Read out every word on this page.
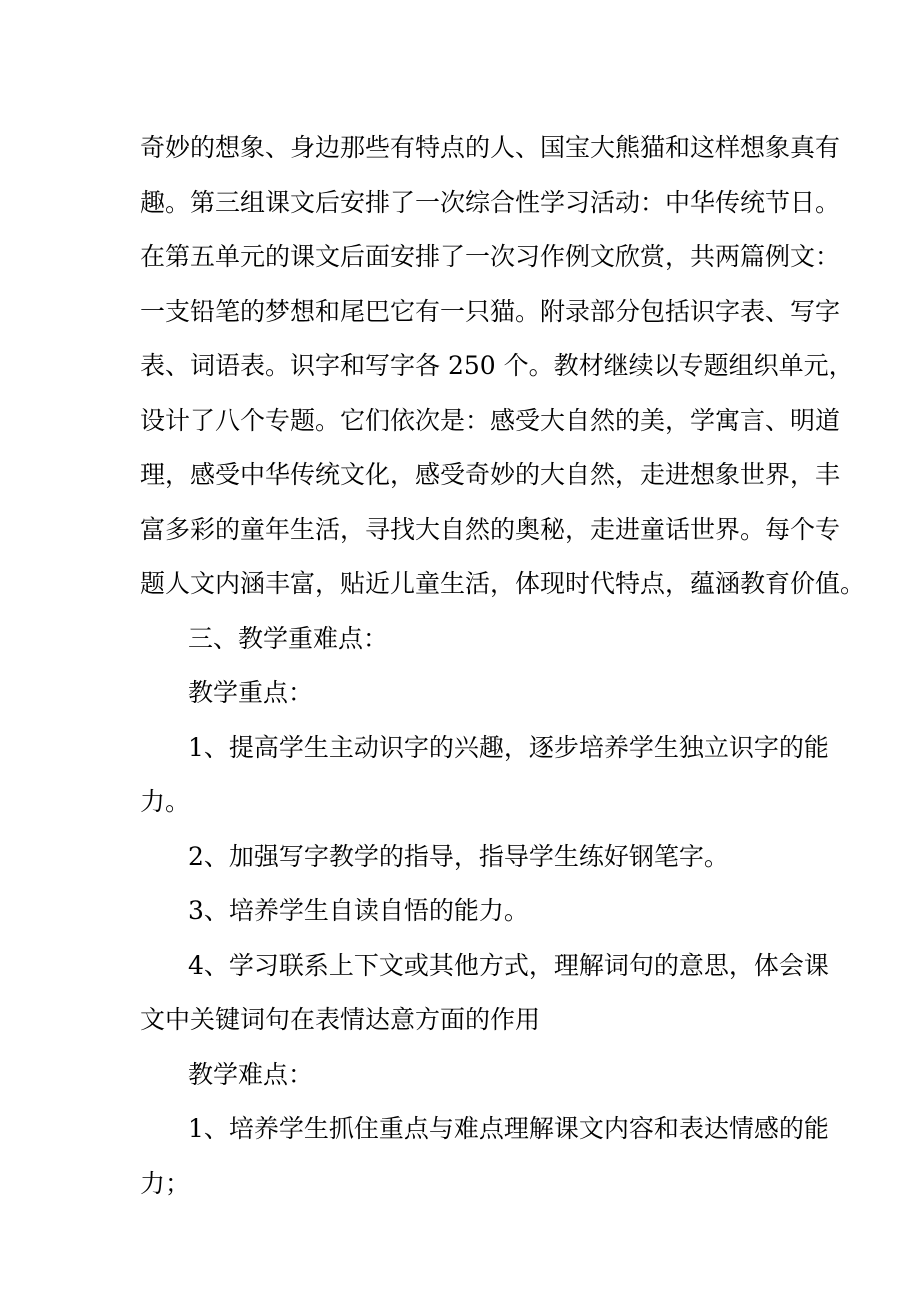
奇妙的想象、身边那些有特点的人、国宝大熊猫和这样想象真有

趣。第三组课文后安排了一次综合性学习活动：中华传统节日。

在第五单元的课文后面安排了一次习作例文欣赏，共两篇例文：

一支铅笔的梦想和尾巴它有一只猫。附录部分包括识字表、写字

表、词语表。识字和写字各 250 个。教材继续以专题组织单元，

设计了八个专题。它们依次是：感受大自然的美，学寓言、明道

理，感受中华传统文化，感受奇妙的大自然，走进想象世界，丰

富多彩的童年生活，寻找大自然的奥秘，走进童话世界。每个专

题人文内涵丰富，贴近儿童生活，体现时代特点，蕴涵教育价值。

三、教学重难点：

教学重点：

1、提高学生主动识字的兴趣，逐步培养学生独立识字的能

力。

2、加强写字教学的指导，指导学生练好钢笔字。

3、培养学生自读自悟的能力。

4、学习联系上下文或其他方式，理解词句的意思，体会课

文中关键词句在表情达意方面的作用

教学难点：

1、培养学生抓住重点与难点理解课文内容和表达情感的能

力；
